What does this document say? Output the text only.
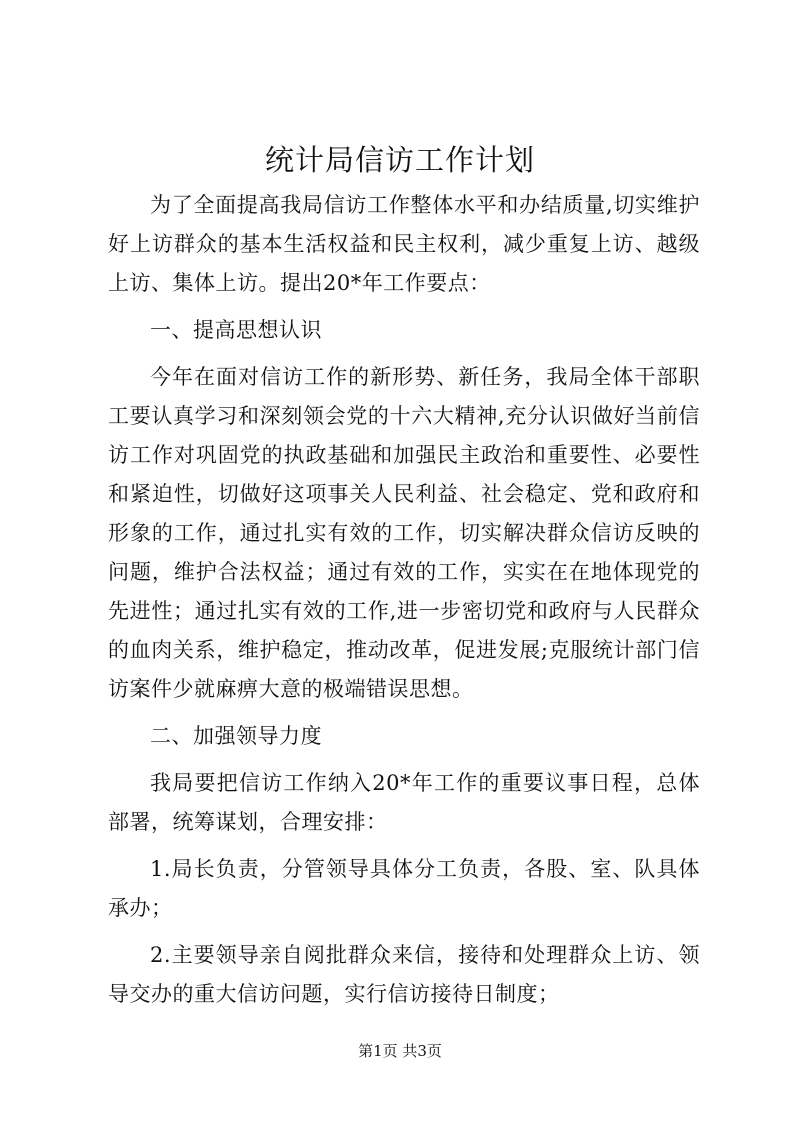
统计局信访工作计划

为了全面提高我局信访工作整体水平和办结质量,切实维护好上访群众的基本生活权益和民主权利，减少重复上访、越级上访、集体上访。提出20*年工作要点：

一、提高思想认识

今年在面对信访工作的新形势、新任务，我局全体干部职工要认真学习和深刻领会党的十六大精神,充分认识做好当前信访工作对巩固党的执政基础和加强民主政治和重要性、必要性和紧迫性，切做好这项事关人民利益、社会稳定、党和政府和形象的工作，通过扎实有效的工作，切实解决群众信访反映的问题，维护合法权益；通过有效的工作，实实在在地体现党的先进性；通过扎实有效的工作,进一步密切党和政府与人民群众的血肉关系，维护稳定，推动改革，促进发展;克服统计部门信访案件少就麻痹大意的极端错误思想。

二、加强领导力度

我局要把信访工作纳入20*年工作的重要议事日程，总体部署，统筹谋划，合理安排：

1.局长负责，分管领导具体分工负责，各股、室、队具体承办；

2.主要领导亲自阅批群众来信，接待和处理群众上访、领导交办的重大信访问题，实行信访接待日制度；

第1页 共3页
